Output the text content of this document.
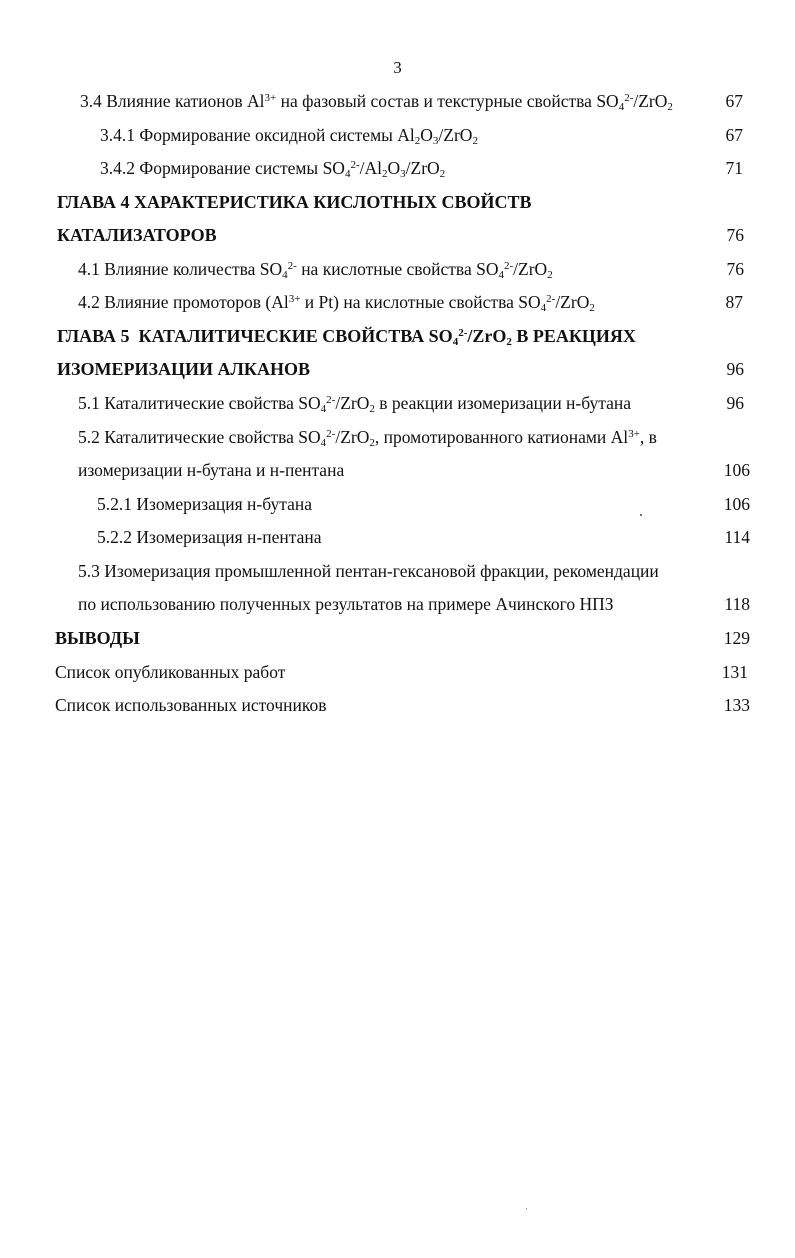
3
3.4 Влияние катионов $Al^{3+}$ на фазовый состав и текстурные свойства $SO_4^{2-}/ZrO_2$	67
3.4.1 Формирование оксидной системы $Al_2O_3/ZrO_2$	67
3.4.2 Формирование системы $SO_4^{2-}/Al_2O_3/ZrO_2$	71
ГЛАВА 4 ХАРАКТЕРИСТИКА КИСЛОТНЫХ СВОЙСТВ
КАТАЛИЗАТОРОВ	76
4.1 Влияние количества $SO_4^{2-}$ на кислотные свойства $SO_4^{2-}/ZrO_2$	76
4.2 Влияние промоторов ($Al^{3+}$ и Pt) на кислотные свойства $SO_4^{2-}/ZrO_2$	87
ГЛАВА 5  КАТАЛИТИЧЕСКИЕ СВОЙСТВА $SO_4^{2-}/ZrO_2$ В РЕАКЦИЯХ
ИЗОМЕРИЗАЦИИ АЛКАНОВ	96
5.1 Каталитические свойства $SO_4^{2-}/ZrO_2$ в реакции изомеризации н-бутана	96
5.2 Каталитические свойства $SO_4^{2-}/ZrO_2$, промотированного катионами $Al^{3+}$, в
изомеризации н-бутана и н-пентана	106
5.2.1 Изомеризация н-бутана	106
5.2.2 Изомеризация н-пентана	114
5.3 Изомеризация промышленной пентан-гексановой фракции, рекомендации
по использованию полученных результатов на примере Ачинского НПЗ	118
ВЫВОДЫ	129
Список опубликованных работ	131
Список использованных источников	133
